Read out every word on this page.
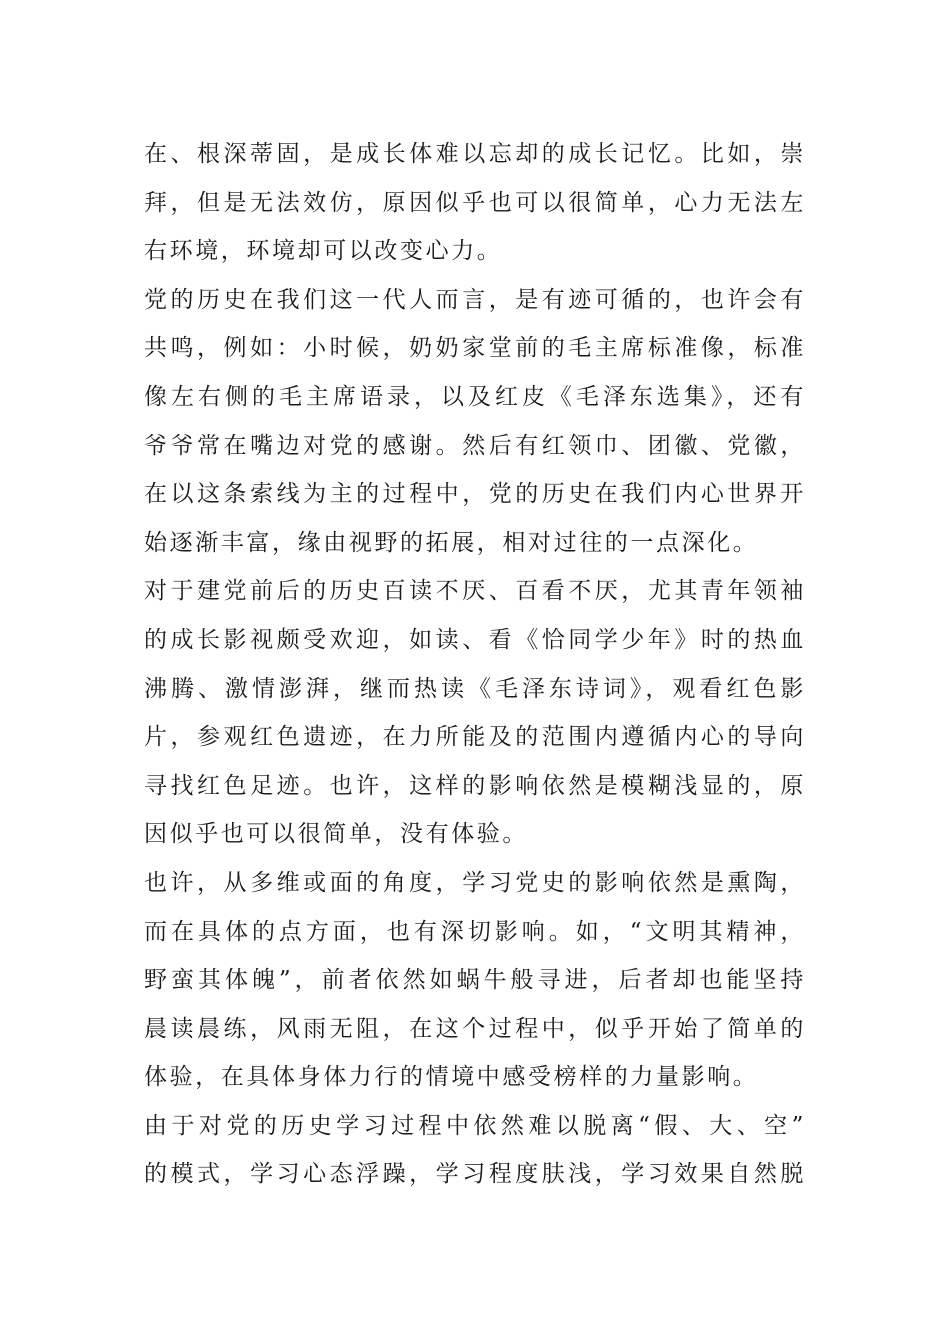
在、根深蒂固，是成长体难以忘却的成长记忆。比如，崇
拜，但是无法效仿，原因似乎也可以很简单，心力无法左
右环境，环境却可以改变心力。
党的历史在我们这一代人而言，是有迹可循的，也许会有
共鸣，例如：小时候，奶奶家堂前的毛主席标准像，标准
像左右侧的毛主席语录，以及红皮《毛泽东选集》，还有
爷爷常在嘴边对党的感谢。然后有红领巾、团徽、党徽，
在以这条索线为主的过程中，党的历史在我们内心世界开
始逐渐丰富，缘由视野的拓展，相对过往的一点深化。
对于建党前后的历史百读不厌、百看不厌，尤其青年领袖
的成长影视颇受欢迎，如读、看《恰同学少年》时的热血
沸腾、激情澎湃，继而热读《毛泽东诗词》，观看红色影
片，参观红色遗迹，在力所能及的范围内遵循内心的导向
寻找红色足迹。也许，这样的影响依然是模糊浅显的，原
因似乎也可以很简单，没有体验。
也许，从多维或面的角度，学习党史的影响依然是熏陶，
而在具体的点方面，也有深切影响。如，“文明其精神，
野蛮其体魄”，前者依然如蜗牛般寻进，后者却也能坚持
晨读晨练，风雨无阻，在这个过程中，似乎开始了简单的
体验，在具体身体力行的情境中感受榜样的力量影响。
由于对党的历史学习过程中依然难以脱离“假、大、空”
的模式，学习心态浮躁，学习程度肤浅，学习效果自然脱
